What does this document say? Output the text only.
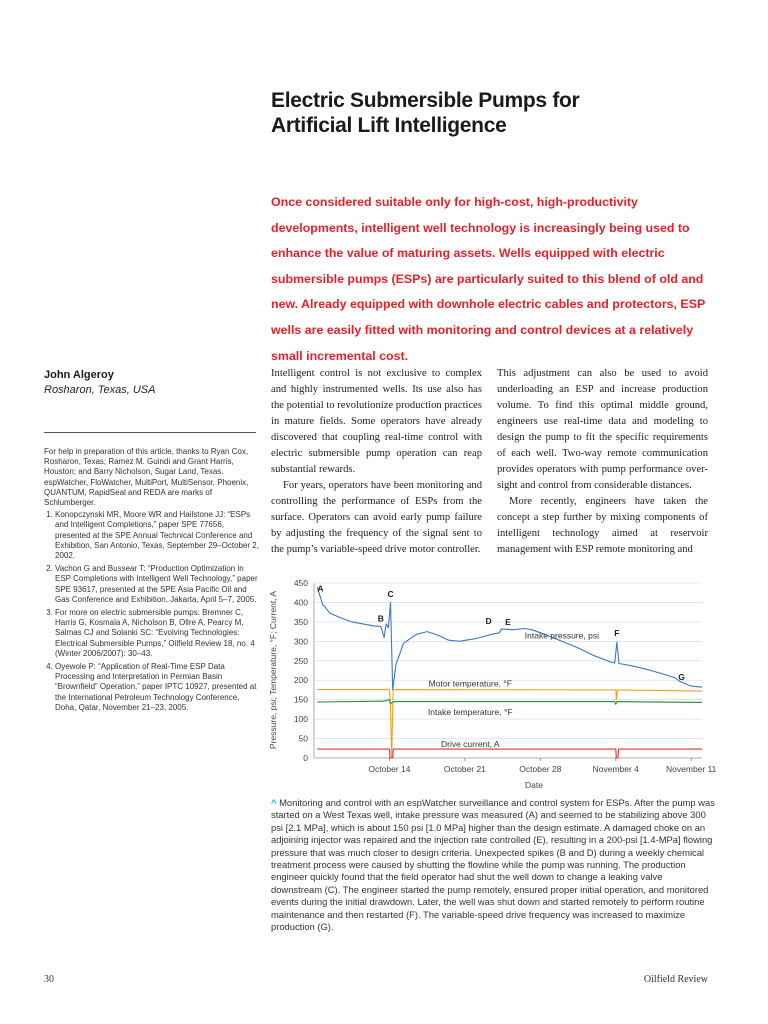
Electric Submersible Pumps for
Artificial Lift Intelligence
Once considered suitable only for high-cost, high-productivity developments, intelligent well technology is increasingly being used to enhance the value of maturing assets. Wells equipped with electric submersible pumps (ESPs) are particularly suited to this blend of old and new. Already equipped with downhole electric cables and protectors, ESP wells are easily fitted with monitoring and control devices at a relatively small incremental cost.
John Algeroy
Rosharon, Texas, USA

For help in preparation of this article, thanks to Ryan Cox, Rosharon, Texas; Ramez M. Guindi and Grant Harris, Houston; and Barry Nicholson, Sugar Land, Texas.

espWatcher, FloWatcher, MultiPort, MultiSensor, Phoenix, QUANTUM, RapidSeal and REDA are marks of Schlumberger.

1. Konopczynski MR, Moore WR and Hailstone JJ: “ESPs and Intelligent Completions,” paper SPE 77656, presented at the SPE Annual Technical Conference and Exhibition, San Antonio, Texas, September 29–October 2, 2002.
2. Vachon G and Bussear T: “Production Optimization in ESP Completions with Intelligent Well Technology,” paper SPE 93617, presented at the SPE Asia Pacific Oil and Gas Conference and Exhibition, Jakarta, April 5–7, 2005.
3. For more on electric submersible pumps: Bremner C, Harris G, Kosmala A, Nicholson B, Ollre A, Pearcy M, Salmas CJ and Solanki SC: “Evolving Technologies: Electrical Submersible Pumps,” Oilfield Review 18, no. 4 (Winter 2006/2007): 30–43.
4. Oyewole P: “Application of Real-Time ESP Data Processing and Interpretation in Permian Basin “Brownfield” Operation,” paper IPTC 10927, presented at the International Petroleum Technology Conference, Doha, Qatar, November 21–23, 2005.

Intelligent control is not exclusive to complex and highly instrumented wells. Its use also has the potential to revolutionize production practices in mature fields. Some operators have already discovered that coupling real-time control with electric submersible pump operation can reap substantial rewards.

For years, operators have been monitoring and controlling the performance of ESPs from the surface. Operators can avoid early pump failure by adjusting the frequency of the signal sent to the pump’s variable-speed drive motor controller.

This adjustment can also be used to avoid underloading an ESP and increase production volume. To find this optimal middle ground, engineers use real-time data and modeling to design the pump to fit the specific requirements of each well. Two-way remote communication provides operators with pump performance over-sight and control from considerable distances.

More recently, engineers have taken the concept a step further by mixing components of intelligent technology aimed at reservoir management with ESP remote monitoring and

Intake pressure, psi
Motor temperature, °F
Intake temperature, °F
Drive current, A
0
50
100
150
200
250
300
350
400
450
October 14	October 21	October 28	November 4	November 11
A
B
C
D E
F
G
Pressure, psi; Temperature, °F; Current, A
Date
^ Monitoring and control with an espWatcher surveillance and control system for ESPs. After the pump was started on a West Texas well, intake pressure was measured (A) and seemed to be stabilizing above 300 psi [2.1 MPa], which is about 150 psi [1.0 MPa] higher than the design estimate. A damaged choke on an adjoining injector was repaired and the injection rate controlled (E), resulting in a 200-psi [1.4-MPa] flowing pressure that was much closer to design criteria. Unexpected spikes (B and D) during a weekly chemical treatment process were caused by shutting the flowline while the pump was running. The production engineer quickly found that the field operator had shut the well down to change a leaking valve downstream (C). The engineer started the pump remotely, ensured proper initial operation, and monitored events during the initial drawdown. Later, the well was shut down and started remotely to perform routine maintenance and then restarted (F). The variable-speed drive frequency was increased to maximize production (G).
30	Oilfield Review
